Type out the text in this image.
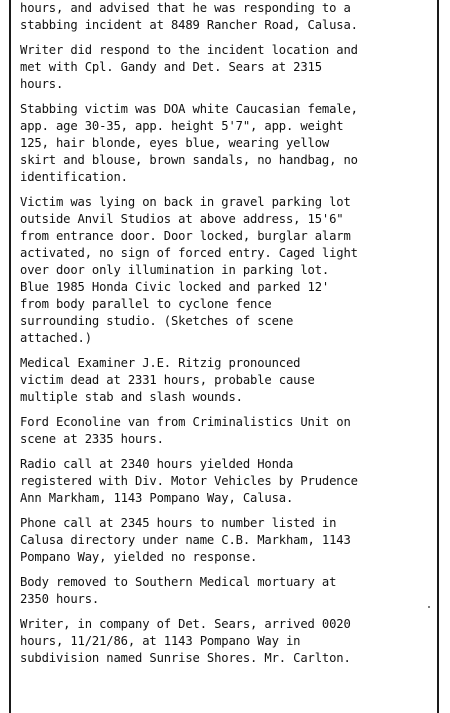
hours, and advised that he was responding to a
stabbing incident at 8489 Rancher Road, Calusa.
Writer did respond to the incident location and
met with Cpl. Gandy and Det. Sears at 2315
hours.
Stabbing victim was DOA white Caucasian female,
app. age 30-35, app. height 5'7", app. weight
125, hair blonde, eyes blue, wearing yellow
skirt and blouse, brown sandals, no handbag, no
identification.
Victim was lying on back in gravel parking lot
outside Anvil Studios at above address, 15'6"
from entrance door. Door locked, burglar alarm
activated, no sign of forced entry. Caged light
over door only illumination in parking lot.
Blue 1985 Honda Civic locked and parked 12'
from body parallel to cyclone fence
surrounding studio. (Sketches of scene
attached.)
Medical Examiner J.E. Ritzig pronounced
victim dead at 2331 hours, probable cause
multiple stab and slash wounds.
Ford Econoline van from Criminalistics Unit on
scene at 2335 hours.
Radio call at 2340 hours yielded Honda
registered with Div. Motor Vehicles by Prudence
Ann Markham, 1143 Pompano Way, Calusa.
Phone call at 2345 hours to number listed in
Calusa directory under name C.B. Markham, 1143
Pompano Way, yielded no response.
Body removed to Southern Medical mortuary at
2350 hours.
Writer, in company of Det. Sears, arrived 0020
hours, 11/21/86, at 1143 Pompano Way in
subdivision named Sunrise Shores. Mr. Carlton.
